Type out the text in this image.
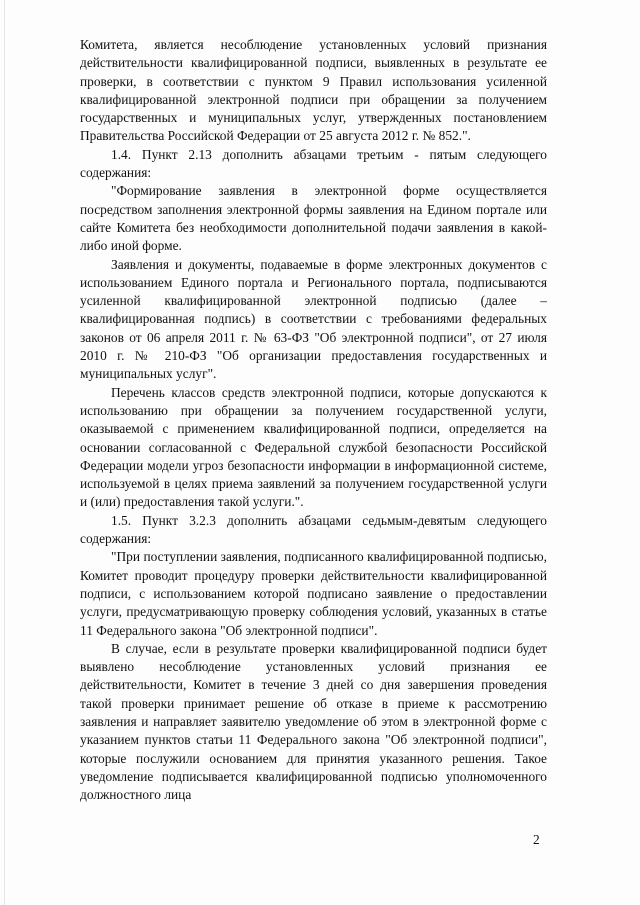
Комитета, является несоблюдение установленных условий признания действительности квалифицированной подписи, выявленных в результате ее проверки, в соответствии с пунктом 9 Правил использования усиленной квалифицированной электронной подписи при обращении за получением государственных и муниципальных услуг, утвержденных постановлением Правительства Российской Федерации от 25 августа 2012 г. № 852.".

1.4. Пункт 2.13 дополнить абзацами третьим - пятым следующего содержания:

"Формирование заявления в электронной форме осуществляется посредством заполнения электронной формы заявления на Едином портале или сайте Комитета без необходимости дополнительной подачи заявления в какой-либо иной форме.

Заявления и документы, подаваемые в форме электронных документов с использованием Единого портала и Регионального портала, подписываются усиленной квалифицированной электронной подписью (далее – квалифицированная подпись) в соответствии с требованиями федеральных законов от 06 апреля 2011 г. № 63-ФЗ "Об электронной подписи", от 27 июля 2010 г. № 210-ФЗ "Об организации предоставления государственных и муниципальных услуг".

Перечень классов средств электронной подписи, которые допускаются к использованию при обращении за получением государственной услуги, оказываемой с применением квалифицированной подписи, определяется на основании согласованной с Федеральной службой безопасности Российской Федерации модели угроз безопасности информации в информационной системе, используемой в целях приема заявлений за получением государственной услуги и (или) предоставления такой услуги.".

1.5. Пункт 3.2.3 дополнить абзацами седьмым-девятым следующего содержания:

"При поступлении заявления, подписанного квалифицированной подписью, Комитет проводит процедуру проверки действительности квалифицированной подписи, с использованием которой подписано заявление о предоставлении услуги, предусматривающую проверку соблюдения условий, указанных в статье 11 Федерального закона "Об электронной подписи".

В случае, если в результате проверки квалифицированной подписи будет выявлено несоблюдение установленных условий признания ее действительности, Комитет в течение 3 дней со дня завершения проведения такой проверки принимает решение об отказе в приеме к рассмотрению заявления и направляет заявителю уведомление об этом в электронной форме с указанием пунктов статьи 11 Федерального закона "Об электронной подписи", которые послужили основанием для принятия указанного решения. Такое уведомление подписывается квалифицированной подписью уполномоченного должностного лица

2
